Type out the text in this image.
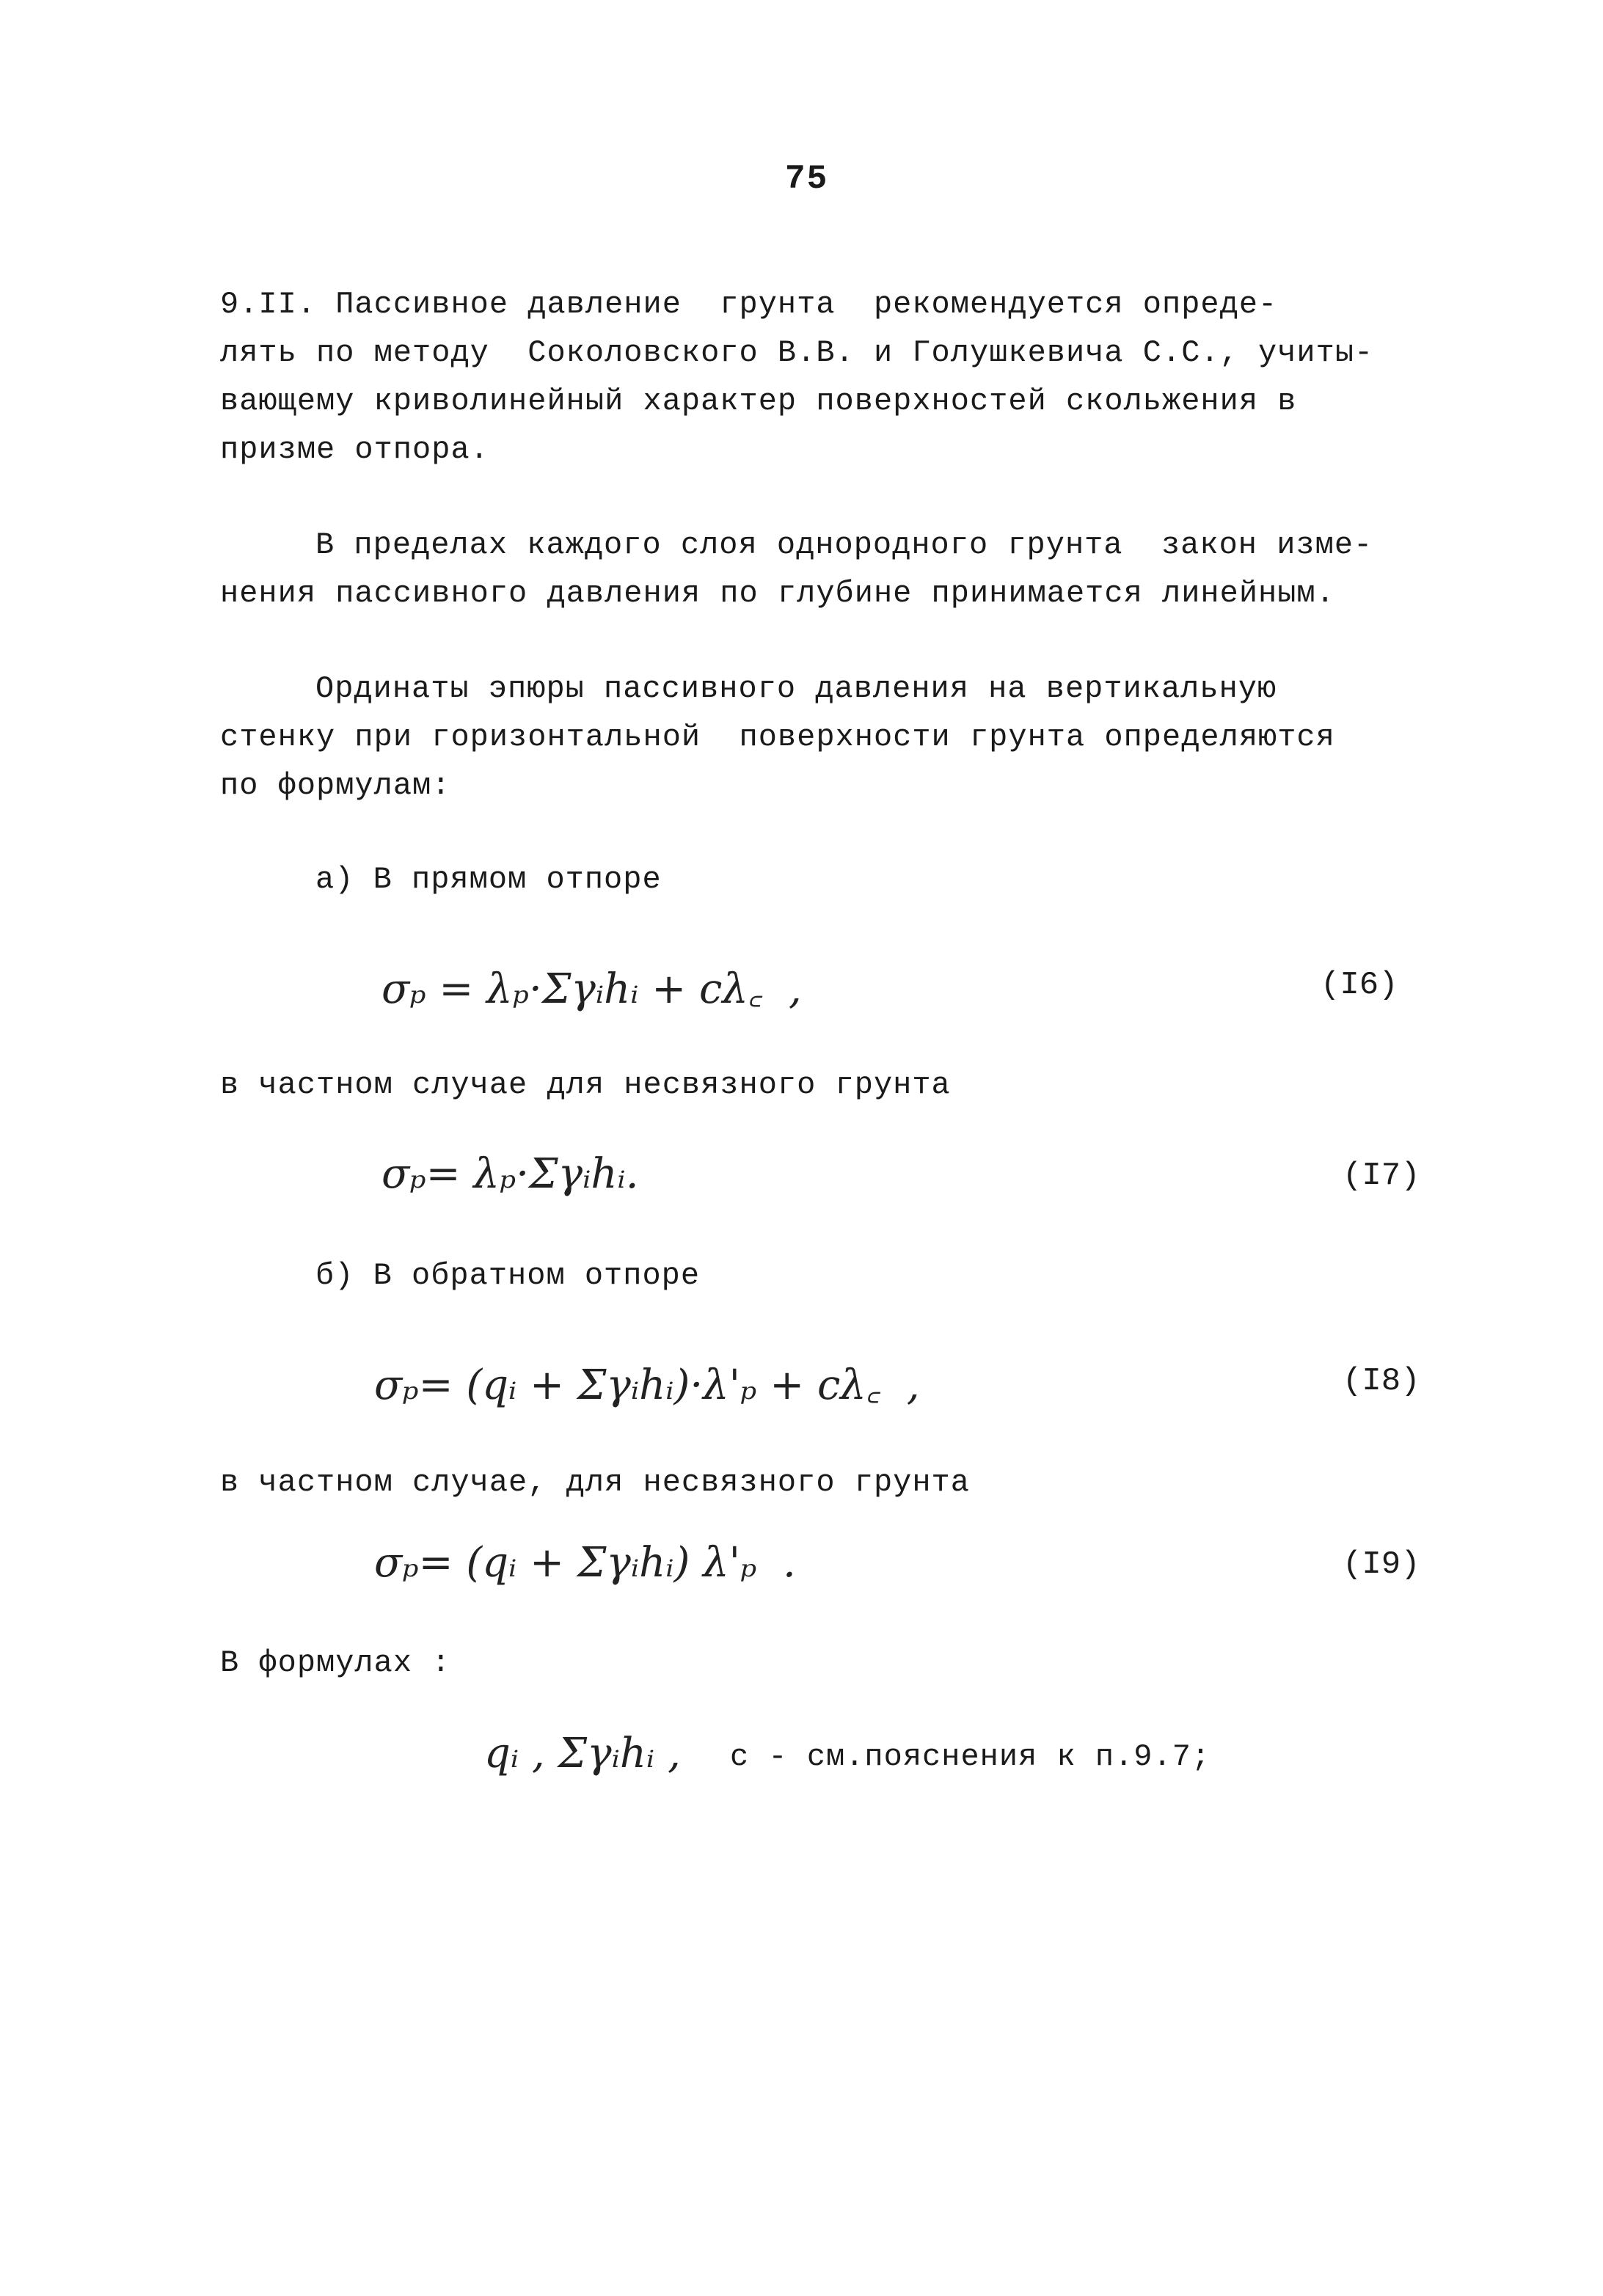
75
9.II. Пассивное давление  грунта  рекомендуется опреде-
лять по методу  Соколовского В.В. и Голушкевича С.С., учиты-
вающему криволинейный характер поверхностей скольжения в
призме отпора.
В пределах каждого слоя однородного грунта  закон изме-
нения пассивного давления по глубине принимается линейным.
Ординаты эпюры пассивного давления на вертикальную
стенку при горизонтальной  поверхности грунта определяются
по формулам:
а) В прямом отпоре
σₚ = λₚ·Σγᵢhᵢ + cλ꜀  ,	(I6)
в частном случае для несвязного грунта
σₚ= λₚ·Σγᵢhᵢ.	(I7)
б) В обратном отпоре
σₚ= (qᵢ + Σγᵢhᵢ)·λ'ₚ + cλ꜀  ,	(I8)
в частном случае, для несвязного грунта
σₚ= (qᵢ + Σγᵢhᵢ) λ'ₚ  .	(I9)
В формулах :
qᵢ , Σγᵢhᵢ , с - см.пояснения к п.9.7;
